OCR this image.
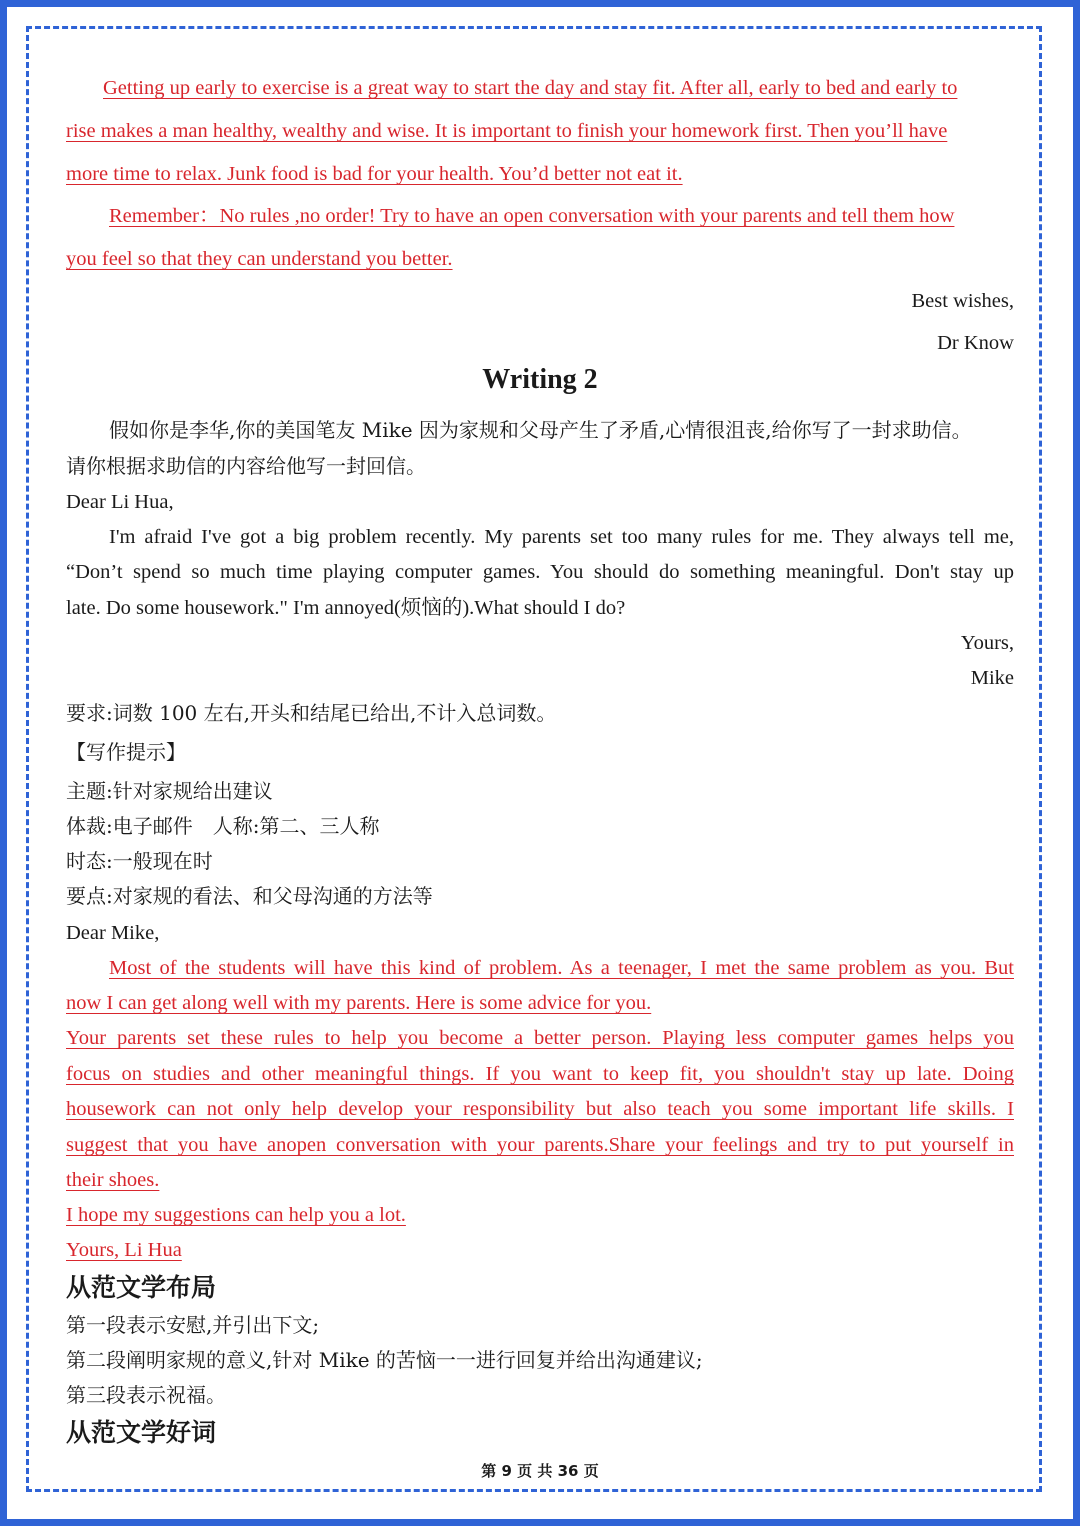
Getting up early to exercise is a great way to start the day and stay fit. After all, early to bed and early to
rise makes a man healthy, wealthy and wise. It is important to finish your homework first. Then you’ll have
more time to relax. Junk food is bad for your health. You’d better not eat it.
Remember：No rules ,no order! Try to have an open conversation with your parents and tell them how
you feel so that they can understand you better.
Best wishes,
Dr Know
Writing 2
假如你是李华,你的美国笔友 Mike 因为家规和父母产生了矛盾,心情很沮丧,给你写了一封求助信。
请你根据求助信的内容给他写一封回信。
Dear Li Hua,
I'm afraid I've got a big problem recently. My parents set too many rules for me. They always tell me,
“Don’t spend so much time playing computer games. You should do something meaningful. Don't stay up
late. Do some housework." I'm annoyed(烦恼的).What should I do?
Yours,
Mike
要求:词数 100 左右,开头和结尾已给出,不计入总词数。
【写作提示】
主题:针对家规给出建议
体裁:电子邮件　人称:第二、三人称
时态:一般现在时
要点:对家规的看法、和父母沟通的方法等
Dear Mike,
Most of the students will have this kind of problem. As a teenager, I met the same problem as you. But
now I can get along well with my parents. Here is some advice for you.
Your parents set these rules to help you become a better person. Playing less computer games helps you
focus on studies and other meaningful things. If you want to keep fit, you shouldn't stay up late. Doing
housework can not only help develop your responsibility but also teach you some important life skills. I
suggest that you have anopen conversation with your parents.Share your feelings and try to put yourself in
their shoes.
I hope my suggestions can help you a lot.
Yours, Li Hua
从范文学布局
第一段表示安慰,并引出下文;
第二段阐明家规的意义,针对 Mike 的苦恼一一进行回复并给出沟通建议;
第三段表示祝福。
从范文学好词
第 9 页 共 36 页
